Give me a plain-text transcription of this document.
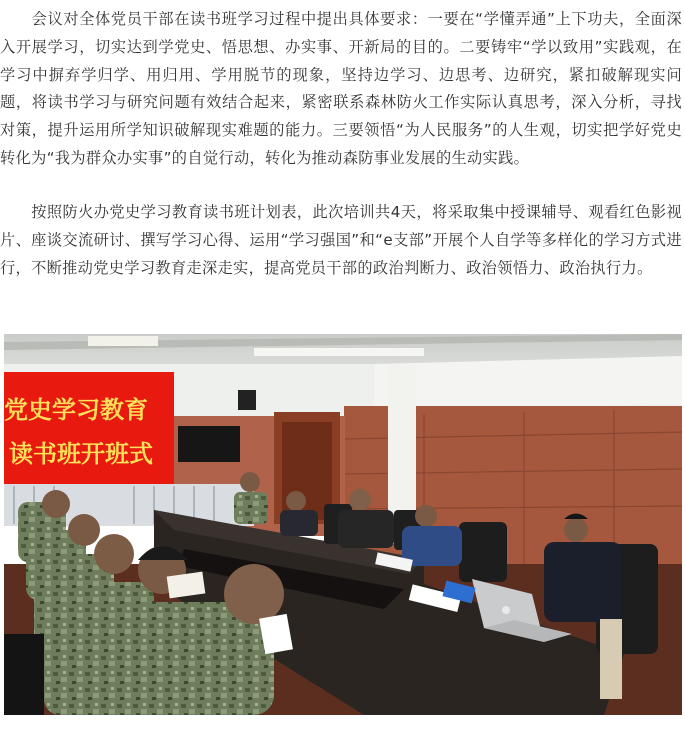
　　会议对全体党员干部在读书班学习过程中提出具体要求：一要在“学懂弄通”上下功夫，全面深入开展学习，切实达到学党史、悟思想、办实事、开新局的目的。二要铸牢“学以致用”实践观，在学习中摒弃学归学、用归用、学用脱节的现象，坚持边学习、边思考、边研究，紧扣破解现实问题，将读书学习与研究问题有效结合起来，紧密联系森林防火工作实际认真思考，深入分析，寻找对策，提升运用所学知识破解现实难题的能力。三要领悟“为人民服务”的人生观，切实把学好党史转化为“我为群众办实事”的自觉行动，转化为推动森防事业发展的生动实践。

　　按照防火办党史学习教育读书班计划表，此次培训共4天，将采取集中授课辅导、观看红色影视片、座谈交流研讨、撰写学习心得、运用“学习强国”和“e支部”开展个人自学等多样化的学习方式进行，不断推动党史学习教育走深走实，提高党员干部的政治判断力、政治领悟力、政治执行力。

党史学习教育
读书班开班式
